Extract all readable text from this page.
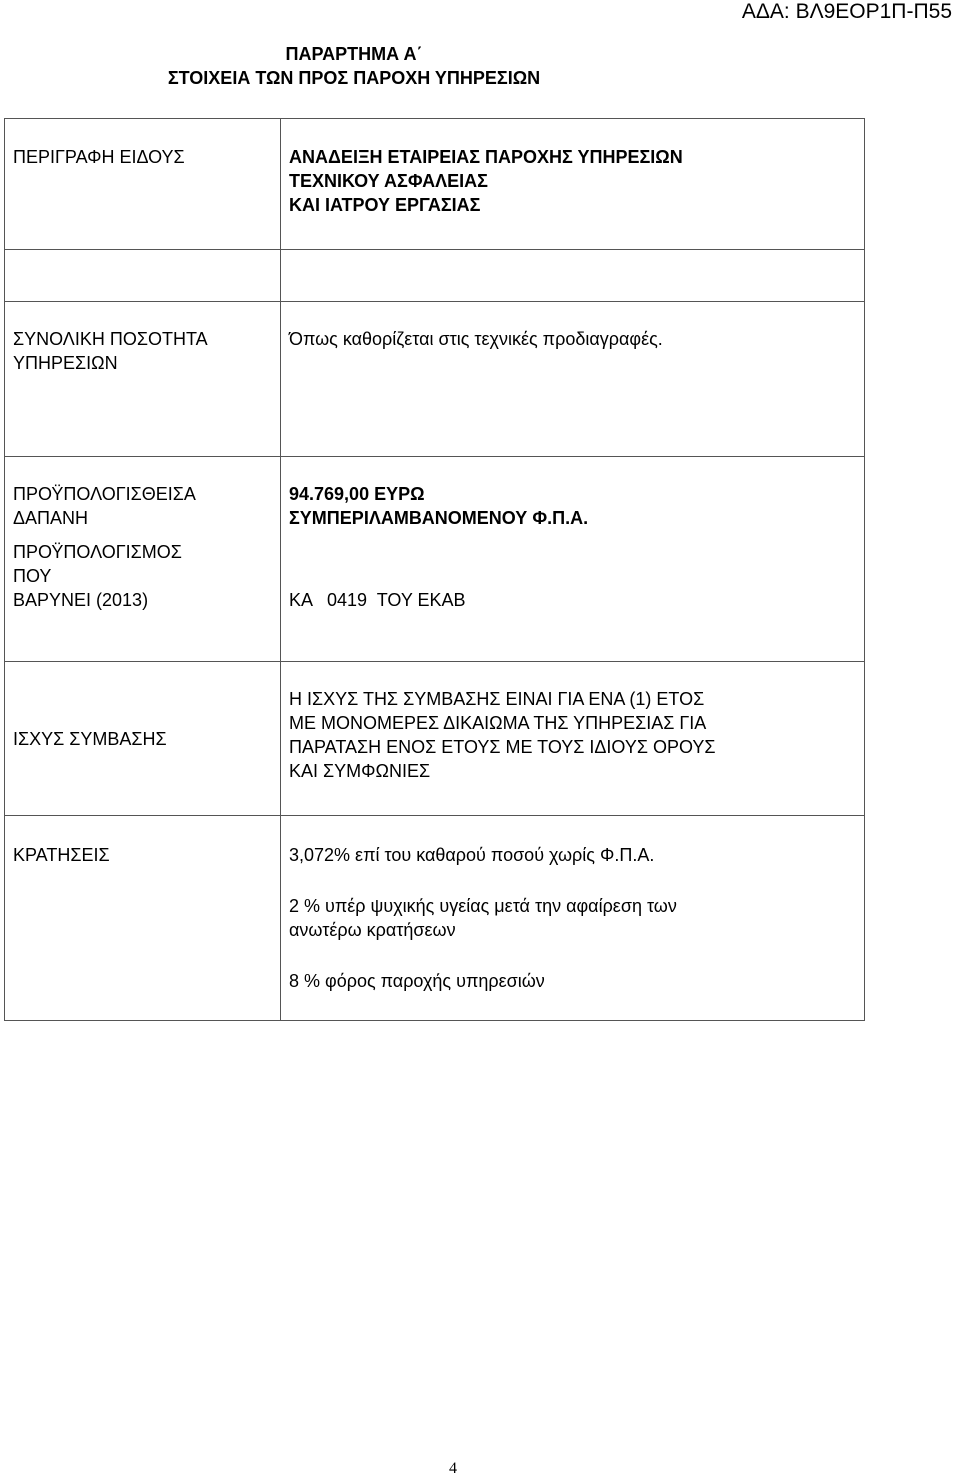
ΑΔΑ: ΒΛ9ΕΟΡ1Π-Π55
ΠΑΡΑΡΤΗΜΑ Α΄
ΣΤΟΙΧΕΙΑ ΤΩΝ ΠΡΟΣ ΠΑΡΟΧΗ ΥΠΗΡΕΣΙΩΝ
ΠΕΡΙΓΡΑΦΗ ΕΙΔΟΥΣ	ΑΝΑΔΕΙΞΗ ΕΤΑΙΡΕΙΑΣ ΠΑΡΟΧΗΣ ΥΠΗΡΕΣΙΩΝ
ΤΕΧΝΙΚΟΥ ΑΣΦΑΛΕΙΑΣ
ΚΑΙ ΙΑΤΡΟΥ ΕΡΓΑΣΙΑΣ

ΣΥΝΟΛΙΚΗ ΠΟΣΟΤΗΤΑ
ΥΠΗΡΕΣΙΩΝ	Όπως καθορίζεται στις τεχνικές προδιαγραφές.

ΠΡΟΫΠΟΛΟΓΙΣΘΕΙΣΑ
ΔΑΠΑΝΗ
ΠΡΟΫΠΟΛΟΓΙΣΜΟΣ
ΠΟΥ
ΒΑΡΥΝΕΙ (2013)	94.769,00 ΕΥΡΩ
ΣΥΜΠΕΡΙΛΑΜΒΑΝΟΜΕΝΟΥ Φ.Π.Α.
ΚΑ   0419  ΤΟΥ ΕΚΑΒ

ΙΣΧΥΣ ΣΥΜΒΑΣΗΣ	Η ΙΣΧΥΣ ΤΗΣ ΣΥΜΒΑΣΗΣ ΕΙΝΑΙ ΓΙΑ ΕΝΑ (1) ΕΤΟΣ
ΜΕ ΜΟΝΟΜΕΡΕΣ ΔΙΚΑΙΩΜΑ ΤΗΣ ΥΠΗΡΕΣΙΑΣ ΓΙΑ
ΠΑΡΑΤΑΣΗ ΕΝΟΣ ΕΤΟΥΣ ΜΕ ΤΟΥΣ ΙΔΙΟΥΣ ΟΡΟΥΣ
ΚΑΙ ΣΥΜΦΩΝΙΕΣ

ΚΡΑΤΗΣΕΙΣ	3,072% επί του καθαρού ποσού χωρίς Φ.Π.Α.
2 % υπέρ ψυχικής υγείας μετά την αφαίρεση των
ανωτέρω κρατήσεων
8 % φόρος παροχής υπηρεσιών
4
